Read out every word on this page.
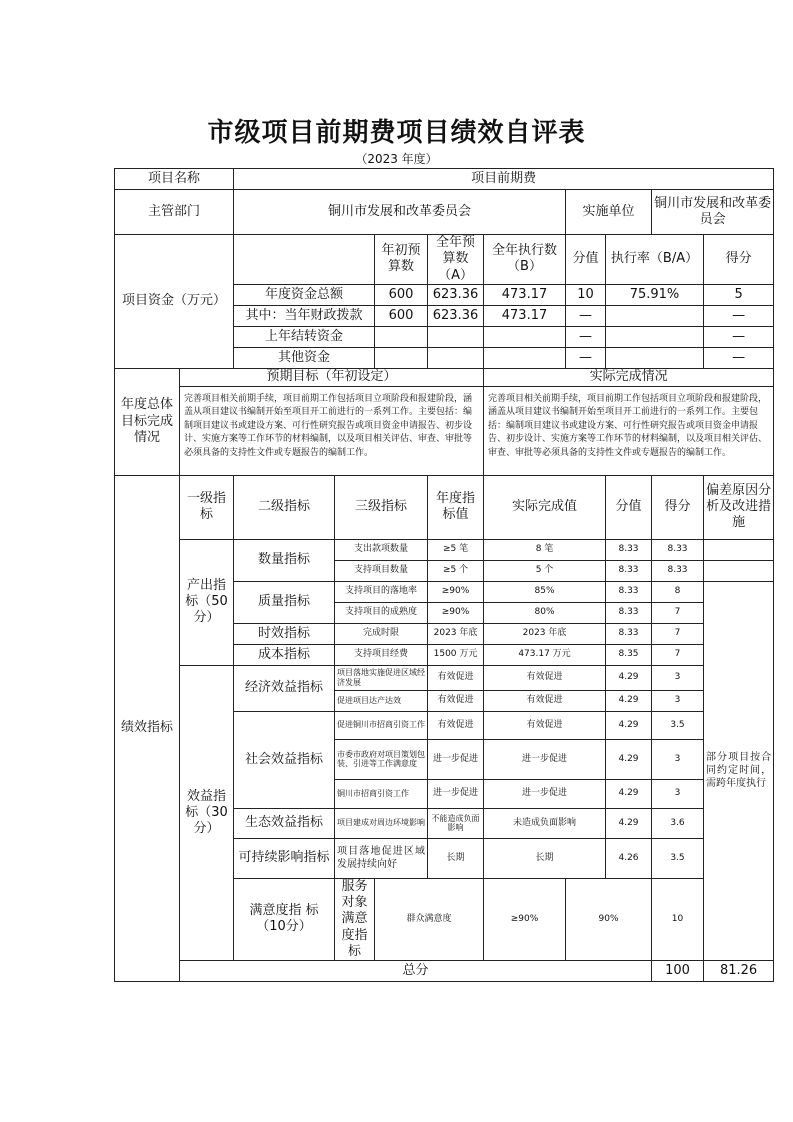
市级项目前期费项目绩效自评表
（2023 年度）
项目名称		项目前期费									
主管部门		铜川市发展和改革委员会					实施单位		铜川市发展和改革委员会		
项目资金（万元）				年初预算数	全年预算数（A）	全年执行数（B）	分值	执行率（B/A）		得分	
		年度资金总额		600	623.36	473.17	10	75.91%		5	
		其中：当年财政拨款		600	623.36	473.17	—			—	
		上年结转资金					—			—	
		其他资金					—			—	
年度总体目标完成情况	预期目标（年初设定）					实际完成情况					
	完善项目相关前期手续，项目前期工作包括项目立项阶段和报建阶段，涵盖从项目建议书编制开始至项目开工前进行的一系列工作。主要包括：编制项目建议书或建设方案、可行性研究报告或项目资金申请报告、初步设计、实施方案等工作环节的材料编制，以及项目相关评估、审查、审批等必须具备的支持性文件或专题报告的编制工作。					完善项目相关前期手续，项目前期工作包括项目立项阶段和报建阶段，涵盖从项目建议书编制开始至项目开工前进行的一系列工作。主要包括：编制项目建议书或建设方案、可行性研究报告或项目资金申请报告、初步设计、实施方案等工作环节的材料编制，以及项目相关评估、审查、审批等必须具备的支持性文件或专题报告的编制工作。					
绩效指标	一级指标	二级指标	三级指标		年度指标值	实际完成值		分值	得分	偏差原因分析及改进措施	
	产出指标（50分）	数量指标	支出款项数量		≥5 笔	8 笔		8.33	8.33		
			支持项目数量		≥5 个	5 个		8.33	8.33		
		质量指标	支持项目的落地率		≥90%	85%		8.33	8	部分项目按合同约定时间，需跨年度执行	
			支持项目的成熟度		≥90%	80%		8.33	7		
		时效指标	完成时限		2023 年底	2023 年底		8.33	7		
		成本指标	支持项目经费		1500 万元	473.17 万元		8.35	7		
	效益指标（30分）	经济效益指标	项目落地实施促进区域经济发展		有效促进	有效促进		4.29	3		
			促进项目达产达效		有效促进	有效促进		4.29	3		
		社会效益指标	促进铜川市招商引资工作		有效促进	有效促进		4.29	3.5		
			市委市政府对项目策划包装、引进等工作满意度		进一步促进	进一步促进		4.29	3		
			铜川市招商引资工作		进一步促进	进一步促进		4.29	3		
		生态效益指标	项目建成对周边环境影响		不能造成负面影响	未造成负面影响		4.29	3.6		
		可持续影响指标	项目落地促进区域发展持续向好		长期	长期		4.26	3.5		
		满意度指 标（10分）	服务对象满意度指标	群众满意度		≥90%	90%		10		
	总分								100	81.26	
